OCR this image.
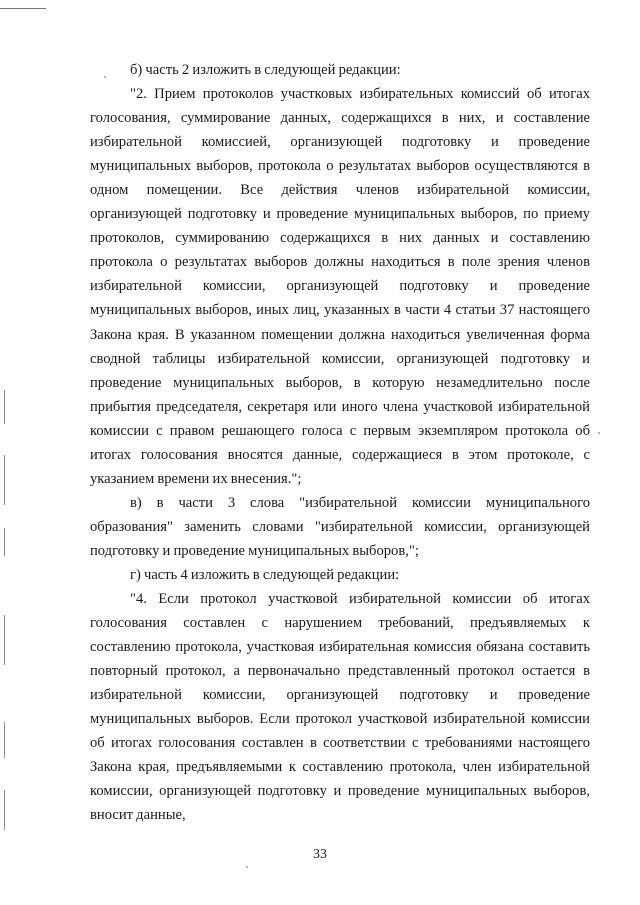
б) часть 2 изложить в следующей редакции:

"2. Прием протоколов участковых избирательных комиссий об итогах голосования, суммирование данных, содержащихся в них, и составление избирательной комиссией, организующей подготовку и проведение муниципальных выборов, протокола о результатах выборов осуществляются в одном помещении. Все действия членов избирательной комиссии, организующей подготовку и проведение муниципальных выборов, по приему протоколов, суммированию содержащихся в них данных и составлению протокола о результатах выборов должны находиться в поле зрения членов избирательной комиссии, организующей подготовку и проведение муниципальных выборов, иных лиц, указанных в части 4 статьи 37 настоящего Закона края. В указанном помещении должна находиться увеличенная форма сводной таблицы избирательной комиссии, организующей подготовку и проведение муниципальных выборов, в которую незамедлительно после прибытия председателя, секретаря или иного члена участковой избирательной комиссии с правом решающего голоса с первым экземпляром протокола об итогах голосования вносятся данные, содержащиеся в этом протоколе, с указанием времени их внесения.";

в) в части 3 слова "избирательной комиссии муниципального образования" заменить словами "избирательной комиссии, организующей подготовку и проведение муниципальных выборов,";

г) часть 4 изложить в следующей редакции:

"4. Если протокол участковой избирательной комиссии об итогах голосования составлен с нарушением требований, предъявляемых к составлению протокола, участковая избирательная комиссия обязана составить повторный протокол, а первоначально представленный протокол остается в избирательной комиссии, организующей подготовку и проведение муниципальных выборов. Если протокол участковой избирательной комиссии об итогах голосования составлен в соответствии с требованиями настоящего Закона края, предъявляемыми к составлению протокола, член избирательной комиссии, организующей подготовку и проведение муниципальных выборов, вносит данные,

33
